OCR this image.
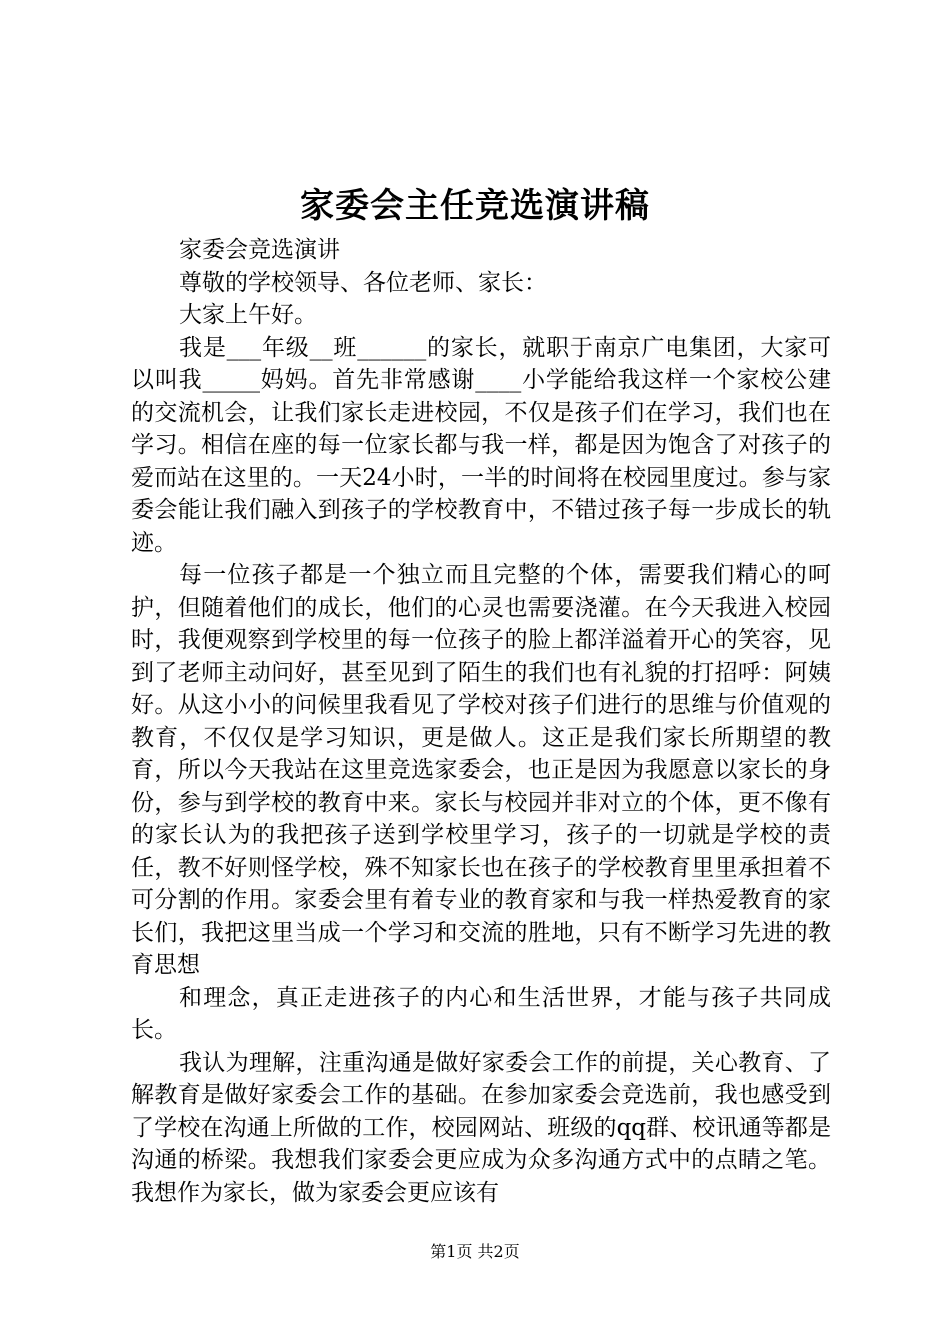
家委会主任竞选演讲稿

家委会竞选演讲

尊敬的学校领导、各位老师、家长：

大家上午好。

我是___年级__班______的家长，就职于南京广电集团，大家可以叫我_____妈妈。首先非常感谢____小学能给我这样一个家校公建的交流机会，让我们家长走进校园，不仅是孩子们在学习，我们也在学习。相信在座的每一位家长都与我一样，都是因为饱含了对孩子的爱而站在这里的。一天24小时，一半的时间将在校园里度过。参与家委会能让我们融入到孩子的学校教育中，不错过孩子每一步成长的轨迹。

每一位孩子都是一个独立而且完整的个体，需要我们精心的呵护，但随着他们的成长，他们的心灵也需要浇灌。在今天我进入校园时，我便观察到学校里的每一位孩子的脸上都洋溢着开心的笑容，见到了老师主动问好，甚至见到了陌生的我们也有礼貌的打招呼：阿姨好。从这小小的问候里我看见了学校对孩子们进行的思维与价值观的教育，不仅仅是学习知识，更是做人。这正是我们家长所期望的教育，所以今天我站在这里竞选家委会，也正是因为我愿意以家长的身份，参与到学校的教育中来。家长与校园并非对立的个体，更不像有的家长认为的我把孩子送到学校里学习，孩子的一切就是学校的责任，教不好则怪学校，殊不知家长也在孩子的学校教育里里承担着不可分割的作用。家委会里有着专业的教育家和与我一样热爱教育的家长们，我把这里当成一个学习和交流的胜地，只有不断学习先进的教育思想

和理念，真正走进孩子的内心和生活世界，才能与孩子共同成长。

我认为理解，注重沟通是做好家委会工作的前提，关心教育、了解教育是做好家委会工作的基础。在参加家委会竞选前，我也感受到了学校在沟通上所做的工作，校园网站、班级的qq群、校讯通等都是沟通的桥梁。我想我们家委会更应成为众多沟通方式中的点睛之笔。我想作为家长，做为家委会更应该有

第1页 共2页
